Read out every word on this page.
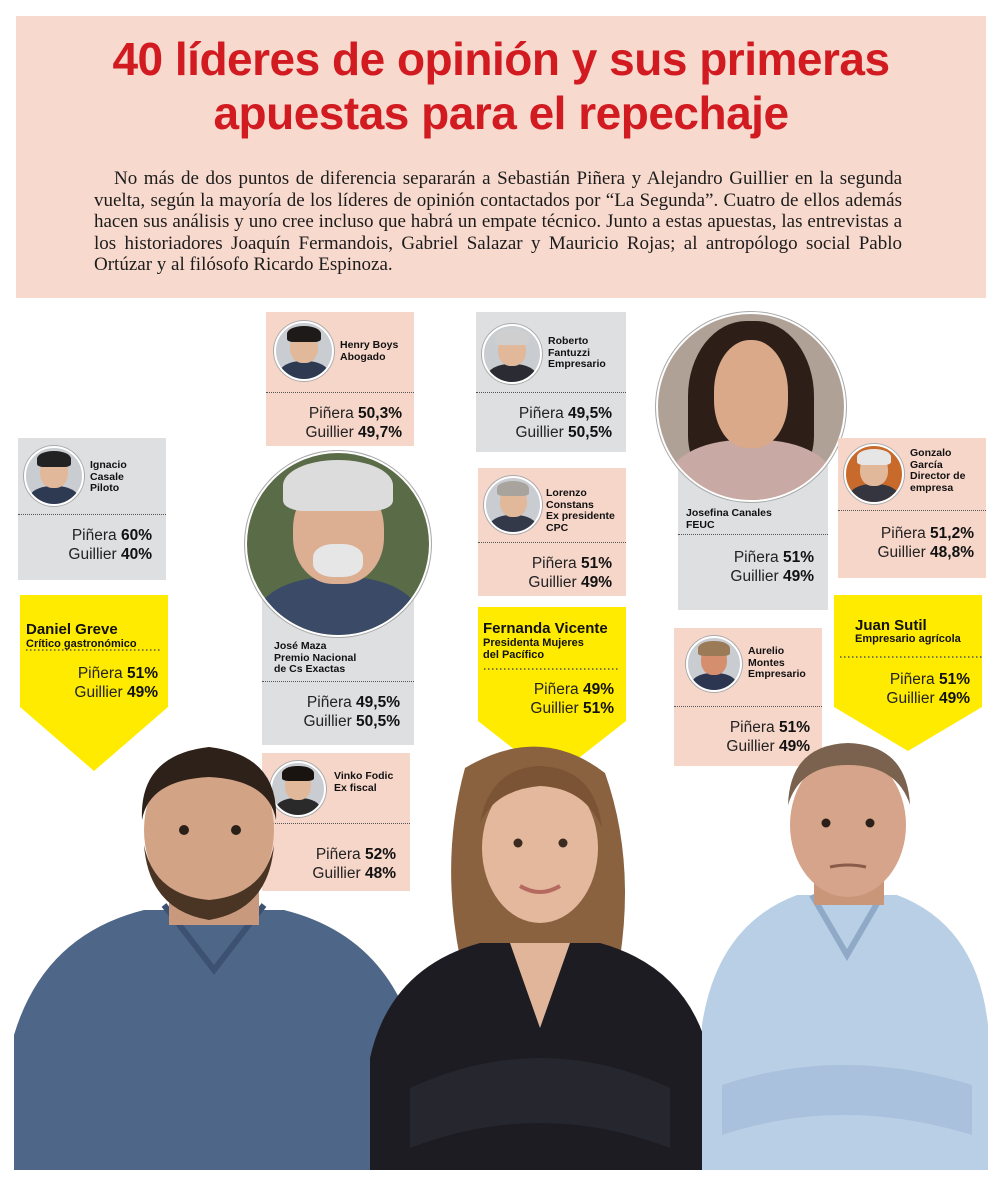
40 líderes de opinión y sus primeras
apuestas para el repechaje
No más de dos puntos de diferencia separarán a Sebastián Piñera y Alejandro Guillier en la segunda vuelta, según la mayoría de los líderes de opinión contactados por “La Segunda”. Cuatro de ellos además hacen sus análisis y uno cree incluso que habrá un empate técnico. Junto a estas apuestas, las entrevistas a los historiadores Joaquín Fermandois, Gabriel Salazar y Mauricio Rojas; al antropólogo social Pablo Ortúzar y al filósofo Ricardo Espinoza.
Ignacio
Casale
Piloto
Piñera 60%
Guillier 40%
Daniel Greve
Crítico gastronómico
Piñera 51%
Guillier 49%
Henry Boys
Abogado
Piñera 50,3%
Guillier 49,7%
José Maza
Premio Nacional
de Cs Exactas
Piñera 49,5%
Guillier 50,5%
Vinko Fodic
Ex fiscal
Piñera 52%
Guillier 48%
Roberto
Fantuzzi
Empresario
Piñera 49,5%
Guillier 50,5%
Lorenzo
Constans
Ex presidente
CPC
Piñera 51%
Guillier 49%
Fernanda Vicente
Presidenta Mujeres
del Pacífico
Piñera 49%
Guillier 51%
Josefina Canales
FEUC
Piñera 51%
Guillier 49%
Aurelio
Montes
Empresario
Piñera 51%
Guillier 49%
Gonzalo
García
Director de
empresa
Piñera 51,2%
Guillier 48,8%
Juan Sutil
Empresario agrícola
Piñera 51%
Guillier 49%
